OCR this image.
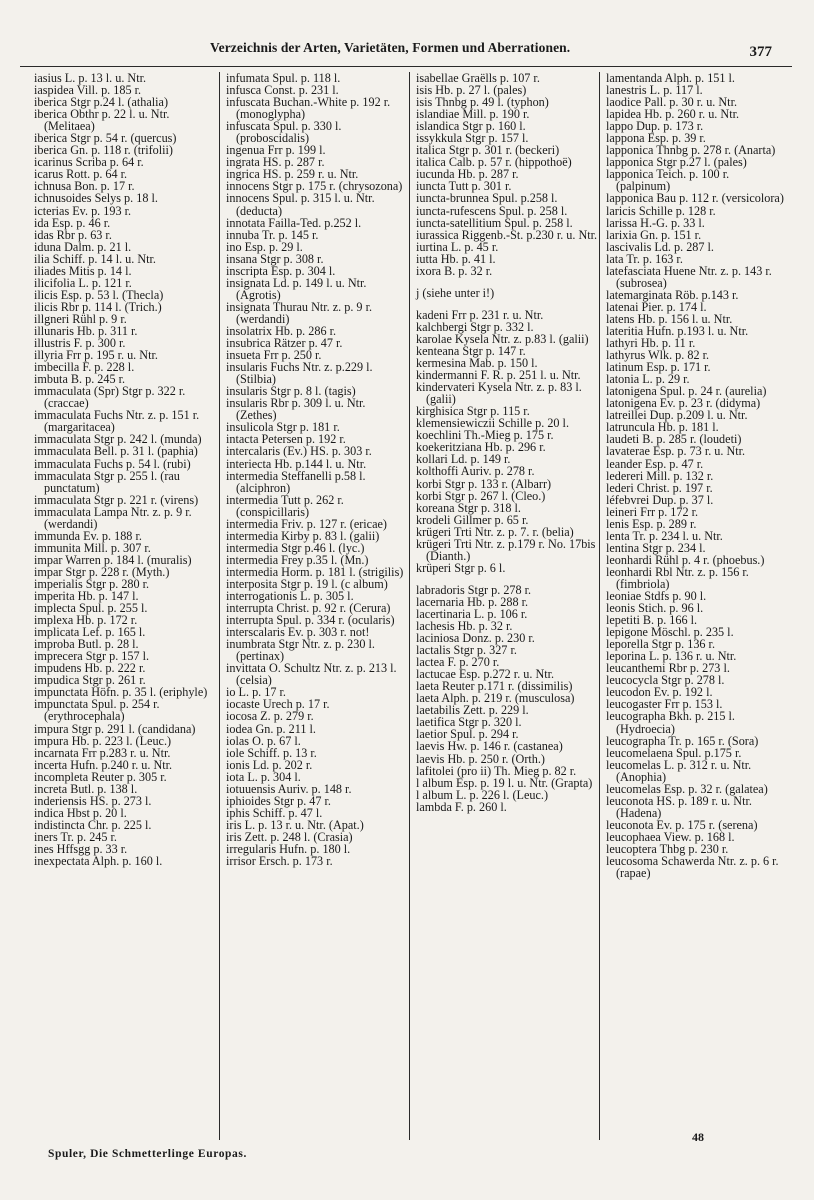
Verzeichnis der Arten, Varietäten, Formen und Aberrationen.	377
iasius L. p. 13 l. u. Ntr.
iaspidea Vill. p. 185 r.
iberica Stgr p.24 l. (athalia)
iberica Obthr p. 22 l. u. Ntr. (Melitaea)
iberica Stgr p. 54 r. (quercus)
iberica Gn. p. 118 r. (trifolii)
icarinus Scriba p. 64 r.
icarus Rott. p. 64 r.
ichnusa Bon. p. 17 r.
ichnusoides Selys p. 18 l.
icterias Ev. p. 193 r.
ida Esp. p. 46 r.
idas Rbr p. 63 r.
iduna Dalm. p. 21 l.
ilia Schiff. p. 14 l. u. Ntr.
iliades Mitis p. 14 l.
ilicifolia L. p. 121 r.
ilicis Esp. p. 53 l. (Thecla)
ilicis Rbr p. 114 l. (Trich.)
illgneri Rühl p. 9 r.
illunaris Hb. p. 311 r.
illustris F. p. 300 r.
illyria Frr p. 195 r. u. Ntr.
imbecilla F. p. 228 l.
imbuta B. p. 245 r.
immaculata (Spr) Stgr p. 322 r. (craccae)
immaculata Fuchs Ntr. z. p. 151 r. (margaritacea)
immaculata Stgr p. 242 l. (munda)
immaculata Bell. p. 31 l. (paphia)
immaculata Fuchs p. 54 l. (rubi)
immaculata Stgr p. 255 l. (rau punctatum)
immaculata Stgr p. 221 r. (virens)
immaculata Lampa Ntr. z. p. 9 r. (werdandi)
immunda Ev. p. 188 r.
immunita Mill. p. 307 r.
impar Warren p. 184 l. (muralis)
impar Stgr p. 228 r. (Myth.)
imperialis Stgr p. 280 r.
imperita Hb. p. 147 l.
implecta Spul. p. 255 l.
implexa Hb. p. 172 r.
implicata Lef. p. 165 l.
improba Butl. p. 28 l.
imprecera Stgr p. 157 l.
impudens Hb. p. 222 r.
impudica Stgr p. 261 r.
impunctata Höfn. p. 35 l. (eriphyle)
impunctata Spul. p. 254 r. (erythrocephala)
impura Stgr p. 291 l. (candidana)
impura Hb. p. 223 l. (Leuc.)
incarnata Frr p.283 r. u. Ntr.
incerta Hufn. p.240 r. u. Ntr.
incompleta Reuter p. 305 r.
increta Butl. p. 138 l.
inderiensis HS. p. 273 l.
indica Hbst p. 20 l.
indistincta Chr. p. 225 l.
iners Tr. p. 245 r.
ines Hffsgg p. 33 r.
inexpectata Alph. p. 160 l.
infumata Spul. p. 118 l.
infusca Const. p. 231 l.
infuscata Buchan.-White p. 192 r. (monoglypha)
infuscata Spul. p. 330 l. (proboscidalis)
ingenua Frr p. 199 l.
ingrata HS. p. 287 r.
ingrica HS. p. 259 r. u. Ntr.
innocens Stgr p. 175 r. (chrysozona)
innocens Spul. p. 315 l. u. Ntr. (deducta)
innotata Failla-Ted. p.252 l.
innuba Tr. p. 145 r.
ino Esp. p. 29 l.
insana Stgr p. 308 r.
inscripta Esp. p. 304 l.
insignata Ld. p. 149 l. u. Ntr. (Agrotis)
insignata Thurau Ntr. z. p. 9 r. (werdandi)
insolatrix Hb. p. 286 r.
insubrica Rätzer p. 47 r.
insueta Frr p. 250 r.
insularis Fuchs Ntr. z. p.229 l. (Stilbia)
insularis Stgr p. 8 l. (tagis)
insularis Rbr p. 309 l. u. Ntr. (Zethes)
insulicola Stgr p. 181 r.
intacta Petersen p. 192 r.
intercalaris (Ev.) HS. p. 303 r.
interiecta Hb. p.144 l. u. Ntr.
intermedia Steffanelli p.58 l. (alciphron)
intermedia Tutt p. 262 r. (conspicillaris)
intermedia Friv. p. 127 r. (ericae)
intermedia Kirby p. 83 l. (galii)
intermedia Stgr p.46 l. (lyc.)
intermedia Frey p.35 l. (Mn.)
intermedia Horm. p. 181 l. (strigilis)
interposita Stgr p. 19 l. (c album)
interrogationis L. p. 305 l.
interrupta Christ. p. 92 r. (Cerura)
interrupta Spul. p. 334 r. (ocularis)
interscalaris Ev. p. 303 r. not!
inumbrata Stgr Ntr. z. p. 230 l. (pertinax)
invittata O. Schultz Ntr. z. p. 213 l. (celsia)
io L. p. 17 r.
iocaste Urech p. 17 r.
iocosa Z. p. 279 r.
iodea Gn. p. 211 l.
iolas O. p. 67 l.
iole Schiff. p. 13 r.
ionis Ld. p. 202 r.
iota L. p. 304 l.
iotuuensis Auriv. p. 148 r.
iphioides Stgr p. 47 r.
iphis Schiff. p. 47 l.
iris L. p. 13 r. u. Ntr. (Apat.)
iris Zett. p. 248 l. (Crasia)
irregularis Hufn. p. 180 l.
irrisor Ersch. p. 173 r.
isabellae Graëlls p. 107 r.
isis Hb. p. 27 l. (pales)
isis Thnbg p. 49 l. (typhon)
islandiae Mill. p. 190 r.
islandica Stgr p. 160 l.
issykkula Stgr p. 157 l.
italica Stgr p. 301 r. (beckeri)
italica Calb. p. 57 r. (hippothoë)
iucunda Hb. p. 287 r.
iuncta Tutt p. 301 r.
iuncta-brunnea Spul. p.258 l.
iuncta-rufescens Spul. p. 258 l.
iuncta-satellitium Spul. p. 258 l.
iurassica Riggenb.-St. p.230 r. u. Ntr.
iurtina L. p. 45 r.
iutta Hb. p. 41 l.
ixora B. p. 32 r.
j (siehe unter i!)
kadeni Frr p. 231 r. u. Ntr.
kalchbergi Stgr p. 332 l.
karolae Kysela Ntr. z. p.83 l. (galii)
kenteana Stgr p. 147 r.
kermesina Mab. p. 150 l.
kindermanni F. R. p. 251 l. u. Ntr.
kindervateri Kysela Ntr. z. p. 83 l. (galii)
kirghisica Stgr p. 115 r.
klemensiewiczii Schille p. 20 l.
koechlini Th.-Mieg p. 175 r.
koekeritziana Hb. p. 296 r.
kollari Ld. p. 149 r.
kolthoffi Auriv. p. 278 r.
korbi Stgr p. 133 r. (Albarr)
korbi Stgr p. 267 l. (Cleo.)
koreana Stgr p. 318 l.
krodeli Gillmer p. 65 r.
krügeri Trti Ntr. z. p. 7. r. (belia)
krügeri Trti Ntr. z. p.179 r. No. 17bis (Dianth.)
krüperi Stgr p. 6 l.
labradoris Stgr p. 278 r.
lacernaria Hb. p. 288 r.
lacertinaria L. p. 106 r.
lachesis Hb. p. 32 r.
laciniosa Donz. p. 230 r.
lactalis Stgr p. 327 r.
lactea F. p. 270 r.
lactucae Esp. p.272 r. u. Ntr.
laeta Reuter p.171 r. (dissimilis)
laeta Alph. p. 219 r. (musculosa)
laetabilis Zett. p. 229 l.
laetifica Stgr p. 320 l.
laetior Spul. p. 294 r.
laevis Hw. p. 146 r. (castanea)
laevis Hb. p. 250 r. (Orth.)
lafitolei (pro ii) Th. Mieg p. 82 r.
l album Esp. p. 19 l. u. Ntr. (Grapta)
l album L. p. 226 l. (Leuc.)
lambda F. p. 260 l.
lamentanda Alph. p. 151 l.
lanestris L. p. 117 l.
laodice Pall. p. 30 r. u. Ntr.
lapidea Hb. p. 260 r. u. Ntr.
lappo Dup. p. 173 r.
lappona Esp. p. 39 r.
lapponica Thnbg p. 278 r. (Anarta)
lapponica Stgr p.27 l. (pales)
lapponica Teich. p. 100 r. (palpinum)
lapponica Bau p. 112 r. (versicolora)
laricis Schille p. 128 r.
larissa H.-G. p. 33 l.
larixia Gn. p. 151 r.
lascivalis Ld. p. 287 l.
lata Tr. p. 163 r.
latefasciata Huene Ntr. z. p. 143 r. (subrosea)
latemarginata Röb. p.143 r.
latenai Pier. p. 174 l.
latens Hb. p. 156 l. u. Ntr.
lateritia Hufn. p.193 l. u. Ntr.
lathyri Hb. p. 11 r.
lathyrus Wlk. p. 82 r.
latinum Esp. p. 171 r.
latonia L. p. 29 r.
latonigena Spul. p. 24 r. (aurelia)
latonigena Ev. p. 23 r. (didyma)
latreillei Dup. p.209 l. u. Ntr.
latruncula Hb. p. 181 l.
laudeti B. p. 285 r. (loudeti)
lavaterae Esp. p. 73 r. u. Ntr.
leander Esp. p. 47 r.
ledereri Mill. p. 132 r.
lederi Christ. p. 197 r.
léfebvrei Dup. p. 37 l.
leineri Frr p. 172 r.
lenis Esp. p. 289 r.
lenta Tr. p. 234 l. u. Ntr.
lentina Stgr p. 234 l.
leonhardi Rühl p. 4 r. (phoebus.)
leonhardi Rbl Ntr. z. p. 156 r. (fimbriola)
leoniae Stdfs p. 90 l.
leonis Stich. p. 96 l.
lepetiti B. p. 166 l.
lepigone Möschl. p. 235 l.
leporella Stgr p. 136 r.
leporina L. p. 136 r. u. Ntr.
leucanthemi Rbr p. 273 l.
leucocycla Stgr p. 278 l.
leucodon Ev. p. 192 l.
leucogaster Frr p. 153 l.
leucographa Bkh. p. 215 l. (Hydroecia)
leucographa Tr. p. 165 r. (Sora)
leucomelaena Spul. p.175 r.
leucomelas L. p. 312 r. u. Ntr. (Anophia)
leucomelas Esp. p. 32 r. (galatea)
leuconota HS. p. 189 r. u. Ntr. (Hadena)
leuconota Ev. p. 175 r. (serena)
leucophaea View. p. 168 l.
leucoptera Thbg p. 230 r.
leucosoma Schawerda Ntr. z. p. 6 r. (rapae)
48
Spuler, Die Schmetterlinge Europas.
